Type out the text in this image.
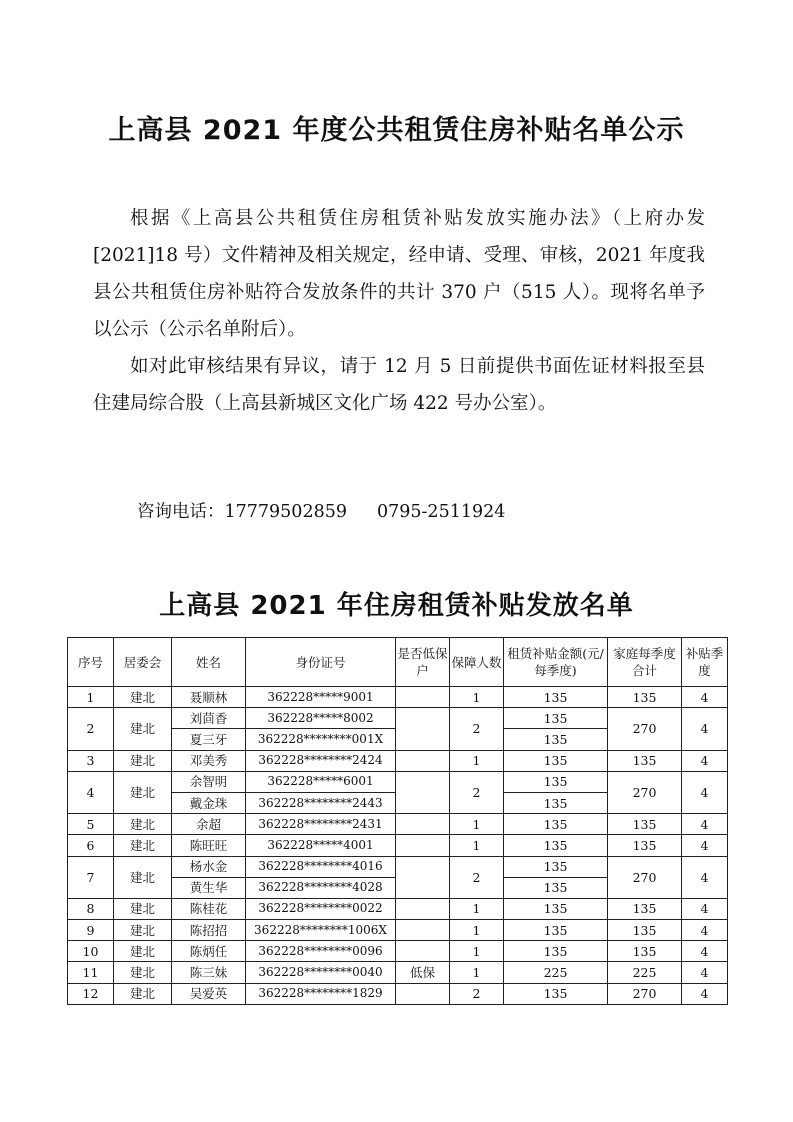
上高县 2021 年度公共租赁住房补贴名单公示

根据《上高县公共租赁住房租赁补贴发放实施办法》（上府办发[2021]18 号）文件精神及相关规定，经申请、受理、审核，2021 年度我县公共租赁住房补贴符合发放条件的共计 370 户（515 人）。现将名单予以公示（公示名单附后）。

如对此审核结果有异议，请于 12 月 5 日前提供书面佐证材料报至县住建局综合股（上高县新城区文化广场 422 号办公室）。

咨询电话：17779502859 0795-2511924
上高县 2021 年住房租赁补贴发放名单
序号	居委会	姓名	身份证号	是否低保户	保障人数	租赁补贴金额(元/每季度)	家庭每季度合计	补贴季度
1	建北	聂顺林	362228*****9001		1	135	135	4
2	建北	刘茴香	362228*****8002		2	135	270	4
		夏三牙	362228********001X			135		
3	建北	邓美秀	362228********2424		1	135	135	4
4	建北	余智明	362228*****6001		2	135	270	4
		戴金珠	362228********2443			135		
5	建北	余超	362228********2431		1	135	135	4
6	建北	陈旺旺	362228*****4001		1	135	135	4
7	建北	杨水金	362228********4016		2	135	270	4
		黄生华	362228********4028			135		
8	建北	陈桂花	362228********0022		1	135	135	4
9	建北	陈招招	362228********1006X		1	135	135	4
10	建北	陈炳任	362228********0096		1	135	135	4
11	建北	陈三妹	362228********0040	低保	1	225	225	4
12	建北	吴爱英	362228********1829		2	135	270	4
